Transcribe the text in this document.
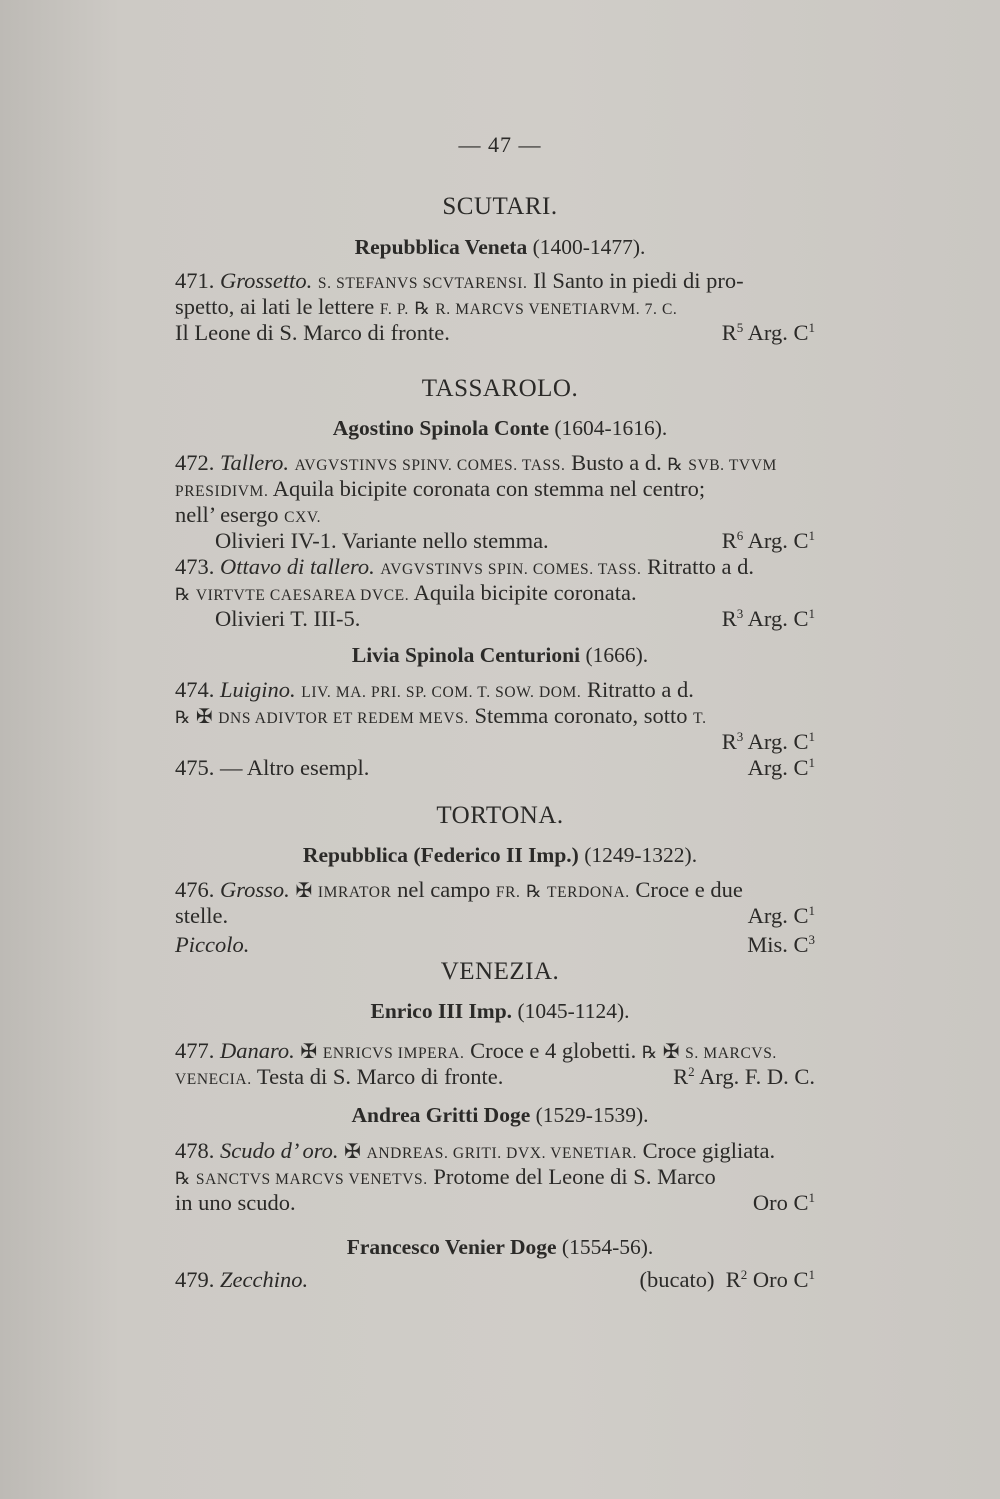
— 47 —
SCUTARI.
Repubblica Veneta (1400-1477).
471. Grossetto. S. STEFANVS SCVTARENSI. Il Santo in piedi di pro-
spetto, ai lati le lettere F. P. ℞ R. MARCVS VENETIARVM. 7. C.
Il Leone di S. Marco di fronte.	$R^5$ Arg. $C^1$
TASSAROLO.
Agostino Spinola Conte (1604-1616).
472. Tallero. AVGVSTINVS SPINV. COMES. TASS. Busto a d. ℞ SVB. TVVM
PRESIDIVM. Aquila bicipite coronata con stemma nel centro;
nell’ esergo CXV.
Olivieri IV-1. Variante nello stemma.	$R^6$ Arg. $C^1$
473. Ottavo di tallero. AVGVSTINVS SPIN. COMES. TASS. Ritratto a d.
℞ VIRTVTE CAESAREA DVCE. Aquila bicipite coronata.
Olivieri T. III-5.	$R^3$ Arg. $C^1$
Livia Spinola Centurioni (1666).
474. Luigino. LIV. MA. PRI. SP. COM. T. SOW. DOM. Ritratto a d.
℞ ✠ DNS ADIVTOR ET REDEM MEVS. Stemma coronato, sotto T.
$R^3$ Arg. $C^1$
475. — Altro esempl.	Arg. $C^1$
TORTONA.
Repubblica (Federico II Imp.) (1249-1322).
476. Grosso. ✠ IMRATOR nel campo FR. ℞ TERDONA. Croce e due
stelle.	Arg. $C^1$
Piccolo.	Mis. $C^3$
VENEZIA.
Enrico III Imp. (1045-1124).
477. Danaro. ✠ ENRICVS IMPERA. Croce e 4 globetti. ℞ ✠ S. MARCVS.
VENECIA. Testa di S. Marco di fronte.	$R^2$ Arg. F. D. C.
Andrea Gritti Doge (1529-1539).
478. Scudo d’ oro. ✠ ANDREAS. GRITI. DVX. VENETIAR. Croce gigliata.
℞ SANCTVS MARCVS VENETVS. Protome del Leone di S. Marco
in uno scudo.	Oro $C^1$
Francesco Venier Doge (1554-56).
479. Zecchino.	(bucato) $R^2$ Oro $C^1$
